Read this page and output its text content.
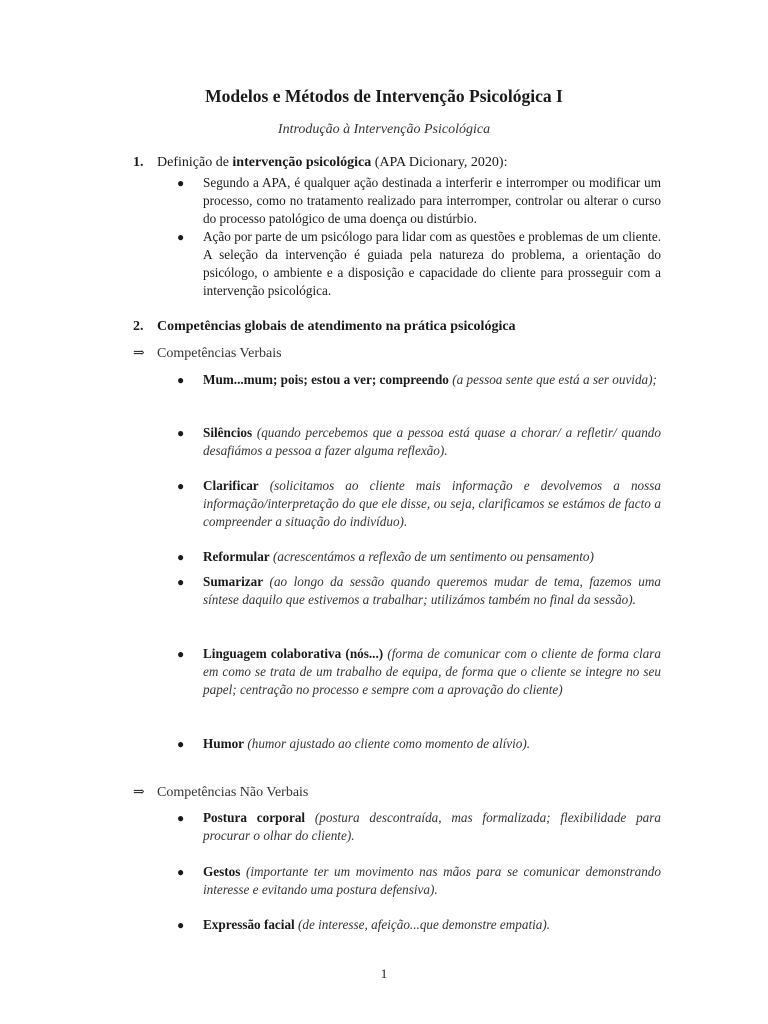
Modelos e Métodos de Intervenção Psicológica I
Introdução à Intervenção Psicológica
1. Definição de intervenção psicológica (APA Dicionary, 2020):
●	Segundo a APA, é qualquer ação destinada a interferir e interromper ou modificar um processo, como no tratamento realizado para interromper, controlar ou alterar o curso do processo patológico de uma doença ou distúrbio.
●	Ação por parte de um psicólogo para lidar com as questões e problemas de um cliente. A seleção da intervenção é guiada pela natureza do problema, a orientação do psicólogo, o ambiente e a disposição e capacidade do cliente para prosseguir com a intervenção psicológica.
2. Competências globais de atendimento na prática psicológica
⇒ Competências Verbais
●	Mum...mum; pois; estou a ver; compreendo (a pessoa sente que está a ser ouvida);
●	Silêncios (quando percebemos que a pessoa está quase a chorar/ a refletir/ quando desafiámos a pessoa a fazer alguma reflexão).
●	Clarificar (solicitamos ao cliente mais informação e devolvemos a nossa informação/interpretação do que ele disse, ou seja, clarificamos se estámos de facto a compreender a situação do indivíduo).
●	Reformular (acrescentámos a reflexão de um sentimento ou pensamento)
●	Sumarizar (ao longo da sessão quando queremos mudar de tema, fazemos uma síntese daquilo que estivemos a trabalhar; utilizámos também no final da sessão).
●	Linguagem colaborativa (nós...) (forma de comunicar com o cliente de forma clara em como se trata de um trabalho de equipa, de forma que o cliente se integre no seu papel; centração no processo e sempre com a aprovação do cliente)
●	Humor (humor ajustado ao cliente como momento de alívio).
⇒ Competências Não Verbais
●	Postura corporal (postura descontraída, mas formalizada; flexibilidade para procurar o olhar do cliente).
●	Gestos (importante ter um movimento nas mãos para se comunicar demonstrando interesse e evitando uma postura defensiva).
●	Expressão facial (de interesse, afeição...que demonstre empatia).
1
